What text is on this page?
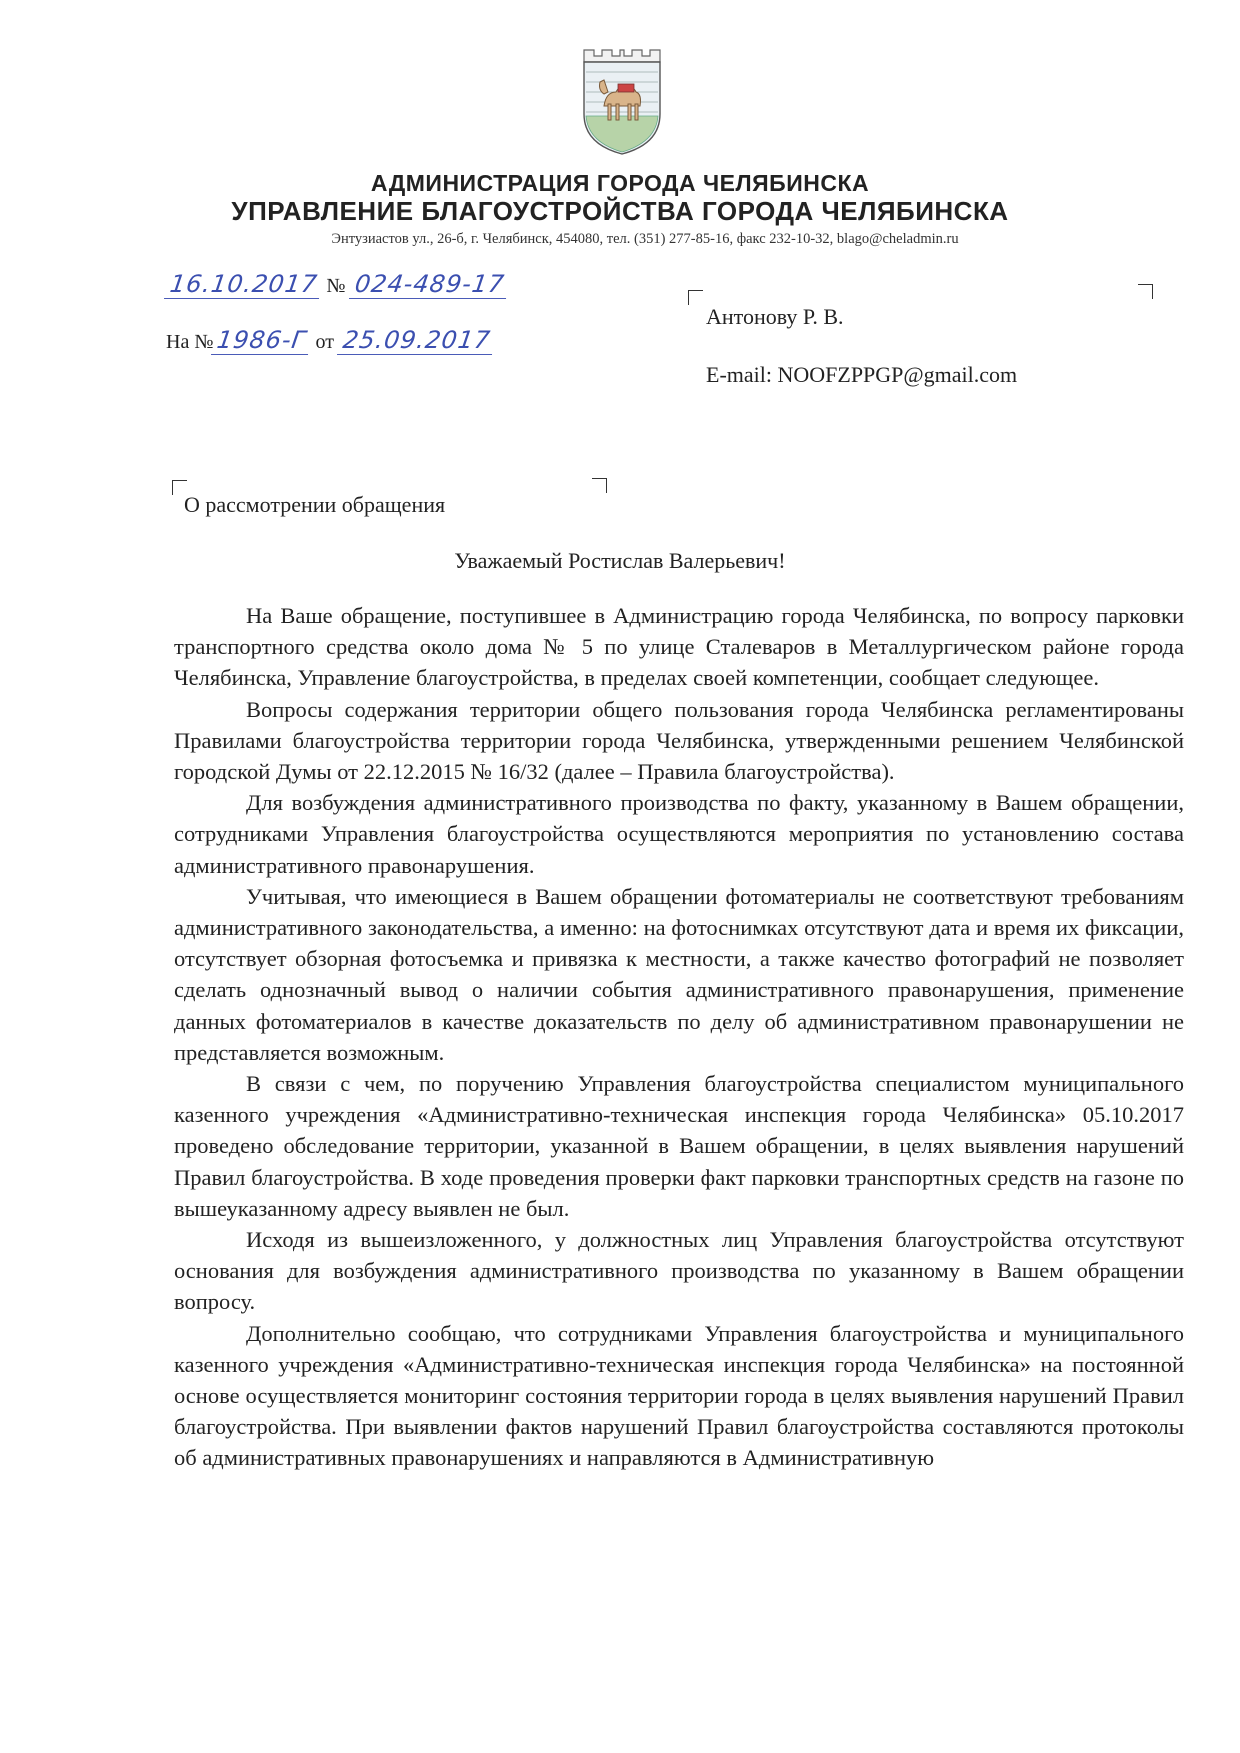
АДМИНИСТРАЦИЯ ГОРОДА ЧЕЛЯБИНСКА
УПРАВЛЕНИЕ БЛАГОУСТРОЙСТВА ГОРОДА ЧЕЛЯБИНСКА
Энтузиастов ул., 26-б, г. Челябинск, 454080, тел. (351) 277-85-16, факс 232-10-32, blago@cheladmin.ru
16.10.2017 № 024-489-17
На №1986-Г от 25.09.2017
Антонову Р. В.
E-mail: NOOFZPPGP@gmail.com
О рассмотрении обращения
Уважаемый Ростислав Валерьевич!

На Ваше обращение, поступившее в Администрацию города Челябинска, по вопросу парковки транспортного средства около дома № 5 по улице Сталеваров в Металлургическом районе города Челябинска, Управление благоустройства, в пределах своей компетенции, сообщает следующее.

Вопросы содержания территории общего пользования города Челябинска регламентированы Правилами благоустройства территории города Челябинска, утвержденными решением Челябинской городской Думы от 22.12.2015 № 16/32 (далее – Правила благоустройства).

Для возбуждения административного производства по факту, указанному в Вашем обращении, сотрудниками Управления благоустройства осуществляются мероприятия по установлению состава административного правонарушения.

Учитывая, что имеющиеся в Вашем обращении фотоматериалы не соответствуют требованиям административного законодательства, а именно: на фотоснимках отсутствуют дата и время их фиксации, отсутствует обзорная фотосъемка и привязка к местности, а также качество фотографий не позволяет сделать однозначный вывод о наличии события административного правонарушения, применение данных фотоматериалов в качестве доказательств по делу об административном правонарушении не представляется возможным.

В связи с чем, по поручению Управления благоустройства специалистом муниципального казенного учреждения «Административно-техническая инспекция города Челябинска» 05.10.2017 проведено обследование территории, указанной в Вашем обращении, в целях выявления нарушений Правил благоустройства. В ходе проведения проверки факт парковки транспортных средств на газоне по вышеуказанному адресу выявлен не был.

Исходя из вышеизложенного, у должностных лиц Управления благоустройства отсутствуют основания для возбуждения административного производства по указанному в Вашем обращении вопросу.

Дополнительно сообщаю, что сотрудниками Управления благоустройства и муниципального казенного учреждения «Административно-техническая инспекция города Челябинска» на постоянной основе осуществляется мониторинг состояния территории города в целях выявления нарушений Правил благоустройства. При выявлении фактов нарушений Правил благоустройства составляются протоколы об административных правонарушениях и направляются в Административную
